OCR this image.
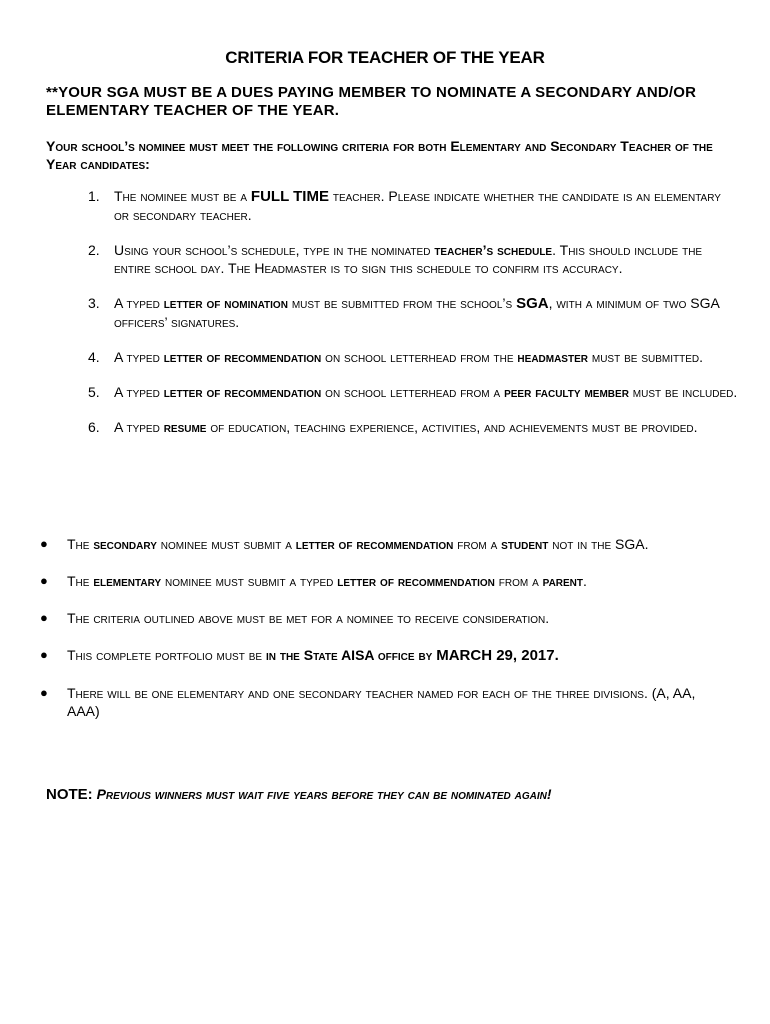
CRITERIA FOR TEACHER OF THE YEAR
**YOUR SGA MUST BE A DUES PAYING MEMBER TO NOMINATE A SECONDARY AND/OR ELEMENTARY TEACHER OF THE YEAR.
Your school’s nominee must meet the following criteria for both Elementary and Secondary Teacher of the Year candidates:
1. The nominee must be a FULL TIME teacher. Please indicate whether the candidate is an elementary or secondary teacher.
2. Using your school’s schedule, type in the nominated teacher’s schedule. This should include the entire school day. The Headmaster is to sign this schedule to confirm its accuracy.
3. A typed letter of nomination must be submitted from the school’s SGA, with a minimum of two SGA officers’ signatures.
4. A typed letter of recommendation on school letterhead from the headmaster must be submitted.
5. A typed letter of recommendation on school letterhead from a peer faculty member must be included.
6. A typed resume of education, teaching experience, activities, and achievements must be provided.
● The secondary nominee must submit a letter of recommendation from a student not in the SGA.
● The elementary nominee must submit a typed letter of recommendation from a parent.
● The criteria outlined above must be met for a nominee to receive consideration.
● This complete portfolio must be in the State AISA office by MARCH 29, 2017.
● There will be one elementary and one secondary teacher named for each of the three divisions. (A, AA, AAA)
NOTE: Previous winners must wait five years before they can be nominated again!
